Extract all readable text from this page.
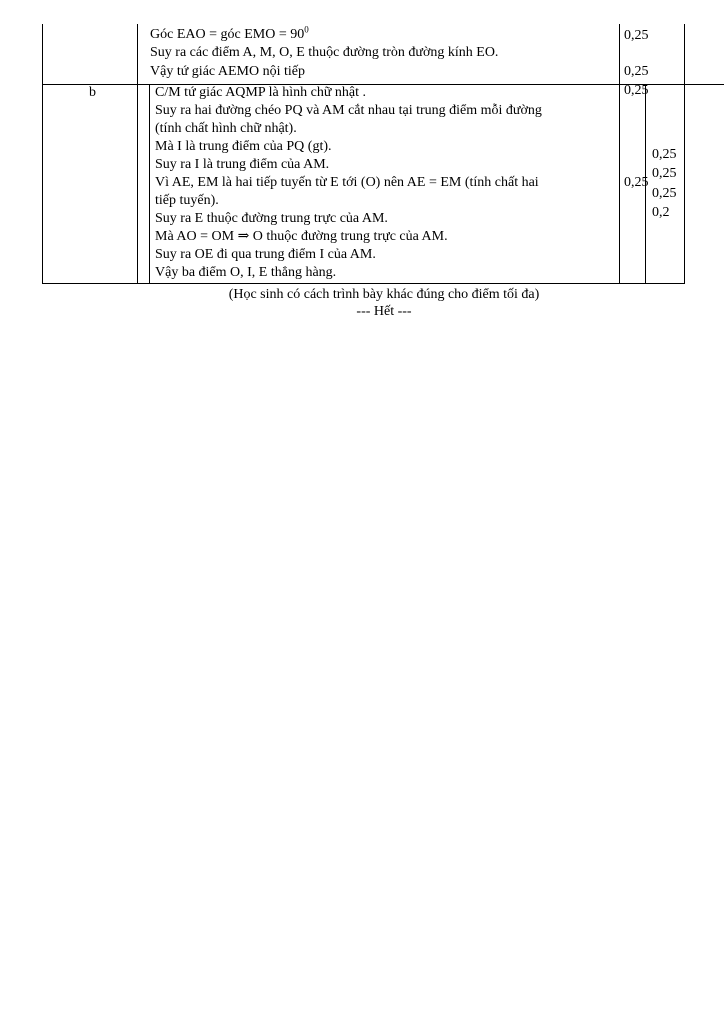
Góc EAO = góc EMO = $90^0$
Suy ra các điểm A, M, O, E thuộc đường tròn đường kính EO.
Vậy tứ giác AEMO nội tiếp
0,25
0,25
b	C/M tứ giác AQMP là hình chữ nhật .
Suy ra hai đường chéo PQ và AM cắt nhau tại trung điểm mỗi đường
(tính chất hình chữ nhật).
Mà I là trung điểm của PQ (gt).
Suy ra I là trung điểm của AM.
Vì AE, EM là hai tiếp tuyến từ E tới (O) nên AE = EM (tính chất hai
tiếp tuyến).
Suy ra E thuộc đường trung trực của AM.
Mà AO = OM ⇒ O thuộc đường trung trực của AM.
Suy ra OE đi qua trung điểm I của AM.
Vậy ba điểm O, I, E thẳng hàng.
0,25
0,25
0,25
0,25
0,25
0,2
(Học sinh có cách trình bày khác đúng cho điểm tối đa)
--- Hết ---
